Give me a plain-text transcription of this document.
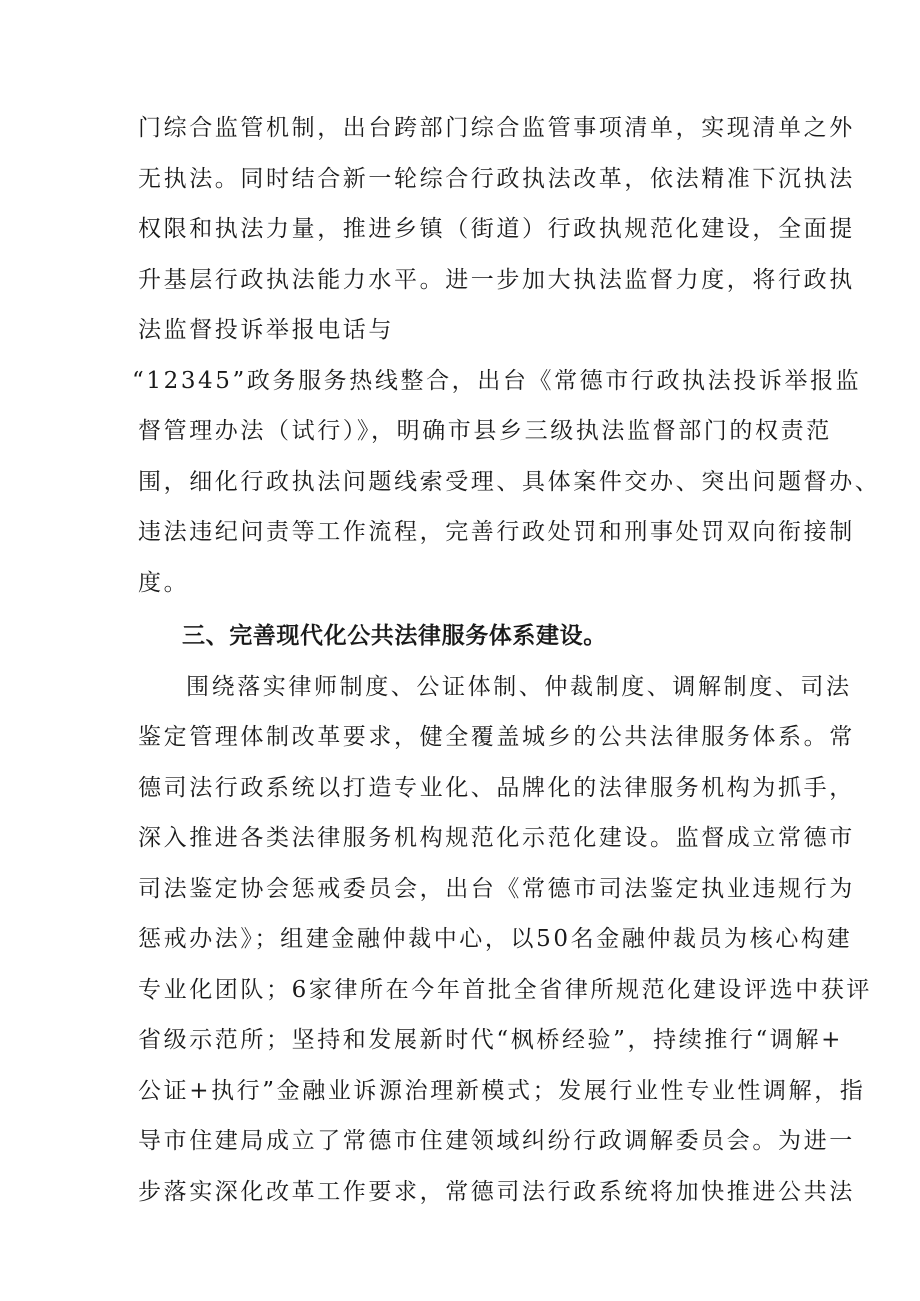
门综合监管机制，出台跨部门综合监管事项清单，实现清单之外
无执法。同时结合新一轮综合行政执法改革，依法精准下沉执法
权限和执法力量，推进乡镇（街道）行政执规范化建设，全面提
升基层行政执法能力水平。进一步加大执法监督力度，将行政执
法监督投诉举报电话与
“12345”政务服务热线整合，出台《常德市行政执法投诉举报监
督管理办法（试行）》，明确市县乡三级执法监督部门的权责范
围，细化行政执法问题线索受理、具体案件交办、突出问题督办、
违法违纪问责等工作流程，完善行政处罚和刑事处罚双向衔接制
度。
三、完善现代化公共法律服务体系建设。
围绕落实律师制度、公证体制、仲裁制度、调解制度、司法
鉴定管理体制改革要求，健全覆盖城乡的公共法律服务体系。常
德司法行政系统以打造专业化、品牌化的法律服务机构为抓手，
深入推进各类法律服务机构规范化示范化建设。监督成立常德市
司法鉴定协会惩戒委员会，出台《常德市司法鉴定执业违规行为
惩戒办法》；组建金融仲裁中心，以50名金融仲裁员为核心构建
专业化团队；6家律所在今年首批全省律所规范化建设评选中获评
省级示范所；坚持和发展新时代“枫桥经验”，持续推行“调解+
公证+执行”金融业诉源治理新模式；发展行业性专业性调解，指
导市住建局成立了常德市住建领域纠纷行政调解委员会。为进一
步落实深化改革工作要求，常德司法行政系统将加快推进公共法
